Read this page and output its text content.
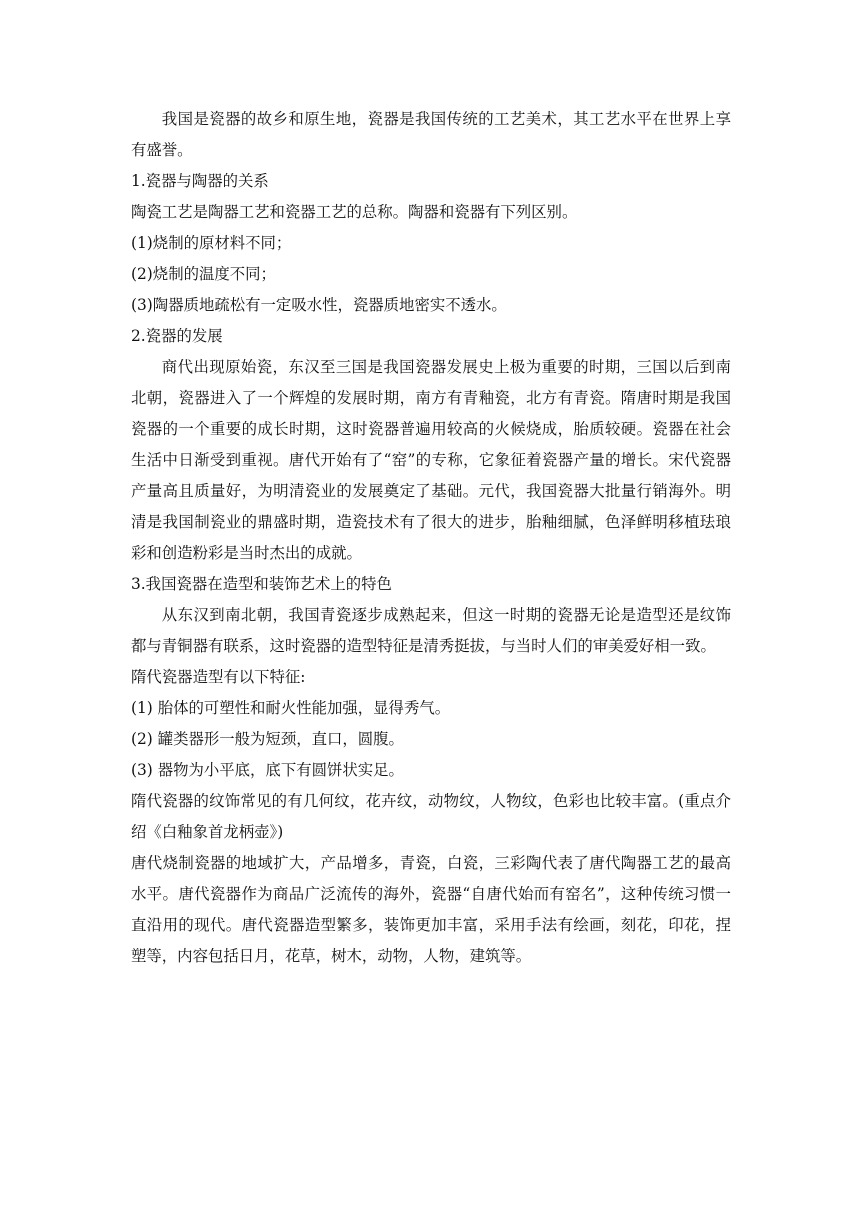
我国是瓷器的故乡和原生地，瓷器是我国传统的工艺美术，其工艺水平在世界上享有盛誉。

1.瓷器与陶器的关系

陶瓷工艺是陶器工艺和瓷器工艺的总称。陶器和瓷器有下列区别。

(1)烧制的原材料不同；

(2)烧制的温度不同；

(3)陶器质地疏松有一定吸水性，瓷器质地密实不透水。

2.瓷器的发展

商代出现原始瓷，东汉至三国是我国瓷器发展史上极为重要的时期，三国以后到南北朝，瓷器进入了一个辉煌的发展时期，南方有青釉瓷，北方有青瓷。隋唐时期是我国瓷器的一个重要的成长时期，这时瓷器普遍用较高的火候烧成，胎质较硬。瓷器在社会生活中日渐受到重视。唐代开始有了“窑”的专称，它象征着瓷器产量的增长。宋代瓷器产量高且质量好，为明清瓷业的发展奠定了基础。元代，我国瓷器大批量行销海外。明清是我国制瓷业的鼎盛时期，造瓷技术有了很大的进步，胎釉细腻，色泽鲜明移植珐琅彩和创造粉彩是当时杰出的成就。

3.我国瓷器在造型和装饰艺术上的特色

从东汉到南北朝，我国青瓷逐步成熟起来，但这一时期的瓷器无论是造型还是纹饰都与青铜器有联系，这时瓷器的造型特征是清秀挺拔，与当时人们的审美爱好相一致。

隋代瓷器造型有以下特征:

(1) 胎体的可塑性和耐火性能加强，显得秀气。

(2) 罐类器形一般为短颈，直口，圆腹。

(3) 器物为小平底，底下有圆饼状实足。

隋代瓷器的纹饰常见的有几何纹，花卉纹，动物纹，人物纹，色彩也比较丰富。(重点介绍《白釉象首龙柄壶》)

唐代烧制瓷器的地域扩大，产品增多，青瓷，白瓷，三彩陶代表了唐代陶器工艺的最高水平。唐代瓷器作为商品广泛流传的海外，瓷器“自唐代始而有窑名”，这种传统习惯一直沿用的现代。唐代瓷器造型繁多，装饰更加丰富，采用手法有绘画，刻花，印花，捏塑等，内容包括日月，花草，树木，动物，人物，建筑等。
